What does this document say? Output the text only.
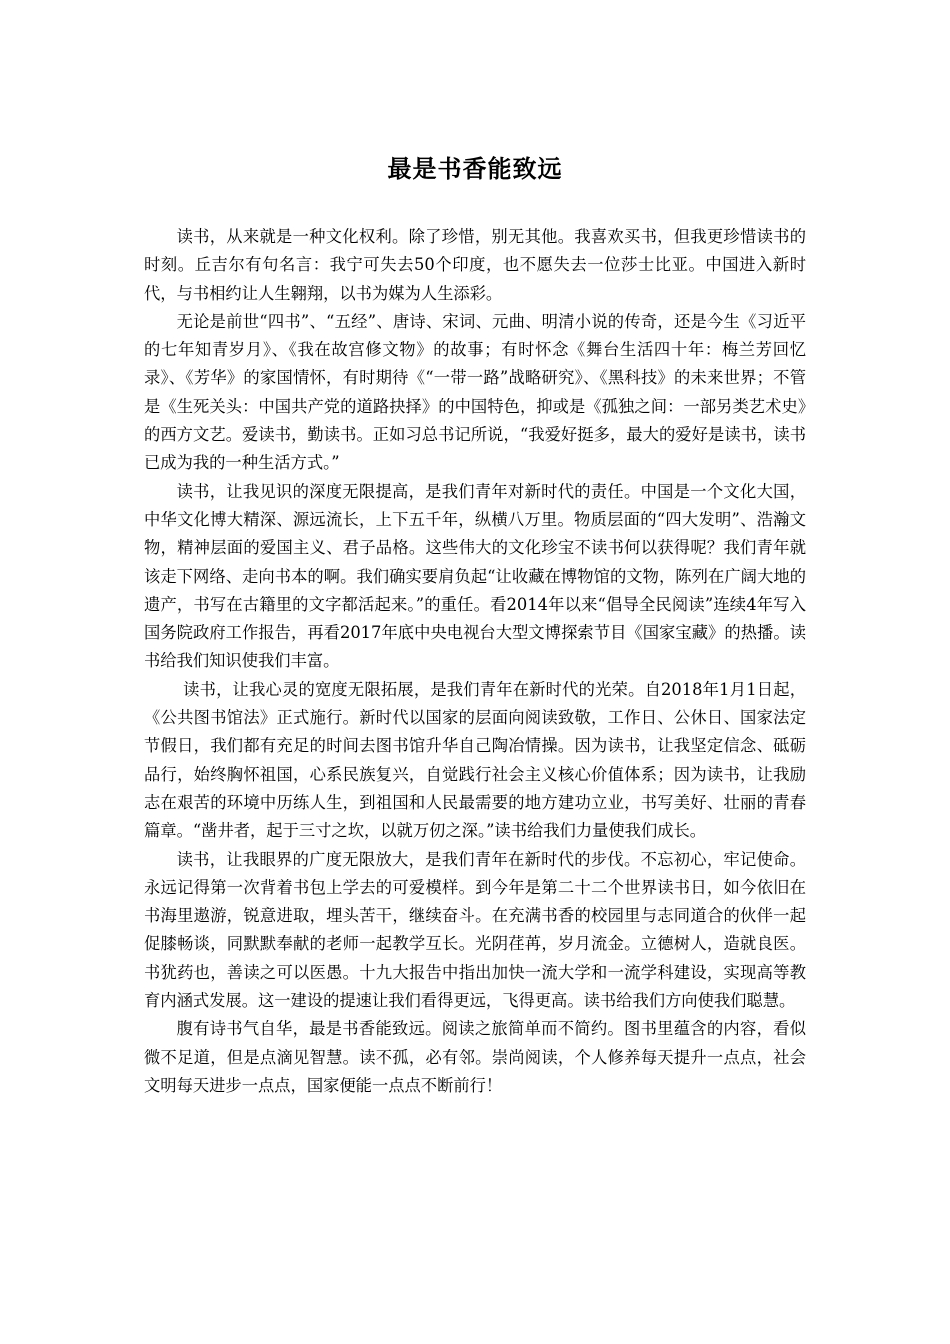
最是书香能致远

读书，从来就是一种文化权利。除了珍惜，别无其他。我喜欢买书，但我更珍惜读书的时刻。丘吉尔有句名言：我宁可失去50个印度，也不愿失去一位莎士比亚。中国进入新时代，与书相约让人生翱翔，以书为媒为人生添彩。

无论是前世“四书”、“五经”、唐诗、宋词、元曲、明清小说的传奇，还是今生《习近平的七年知青岁月》、《我在故宫修文物》的故事；有时怀念《舞台生活四十年：梅兰芳回忆录》、《芳华》的家国情怀，有时期待《“一带一路”战略研究》、《黑科技》的未来世界；不管是《生死关头：中国共产党的道路抉择》的中国特色，抑或是《孤独之间：一部另类艺术史》的西方文艺。爱读书，勤读书。正如习总书记所说，“我爱好挺多，最大的爱好是读书，读书已成为我的一种生活方式。”

读书，让我见识的深度无限提高，是我们青年对新时代的责任。中国是一个文化大国，中华文化博大精深、源远流长，上下五千年，纵横八万里。物质层面的“四大发明”、浩瀚文物，精神层面的爱国主义、君子品格。这些伟大的文化珍宝不读书何以获得呢？我们青年就该走下网络、走向书本的啊。我们确实要肩负起“让收藏在博物馆的文物，陈列在广阔大地的遗产，书写在古籍里的文字都活起来。”的重任。看2014年以来“倡导全民阅读”连续4年写入国务院政府工作报告，再看2017年底中央电视台大型文博探索节目《国家宝藏》的热播。读书给我们知识使我们丰富。

读书，让我心灵的宽度无限拓展，是我们青年在新时代的光荣。自2018年1月1日起，《公共图书馆法》正式施行。新时代以国家的层面向阅读致敬，工作日、公休日、国家法定节假日，我们都有充足的时间去图书馆升华自己陶冶情操。因为读书，让我坚定信念、砥砺品行，始终胸怀祖国，心系民族复兴，自觉践行社会主义核心价值体系；因为读书，让我励志在艰苦的环境中历练人生，到祖国和人民最需要的地方建功立业，书写美好、壮丽的青春篇章。“凿井者，起于三寸之坎，以就万仞之深。”读书给我们力量使我们成长。

读书，让我眼界的广度无限放大，是我们青年在新时代的步伐。不忘初心，牢记使命。永远记得第一次背着书包上学去的可爱模样。到今年是第二十二个世界读书日，如今依旧在书海里遨游，锐意进取，埋头苦干，继续奋斗。在充满书香的校园里与志同道合的伙伴一起促膝畅谈，同默默奉献的老师一起教学互长。光阴荏苒，岁月流金。立德树人，造就良医。书犹药也，善读之可以医愚。十九大报告中指出加快一流大学和一流学科建设，实现高等教育内涵式发展。这一建设的提速让我们看得更远，飞得更高。读书给我们方向使我们聪慧。

腹有诗书气自华，最是书香能致远。阅读之旅简单而不简约。图书里蕴含的内容，看似微不足道，但是点滴见智慧。读不孤，必有邻。崇尚阅读，个人修养每天提升一点点，社会文明每天进步一点点，国家便能一点点不断前行！
